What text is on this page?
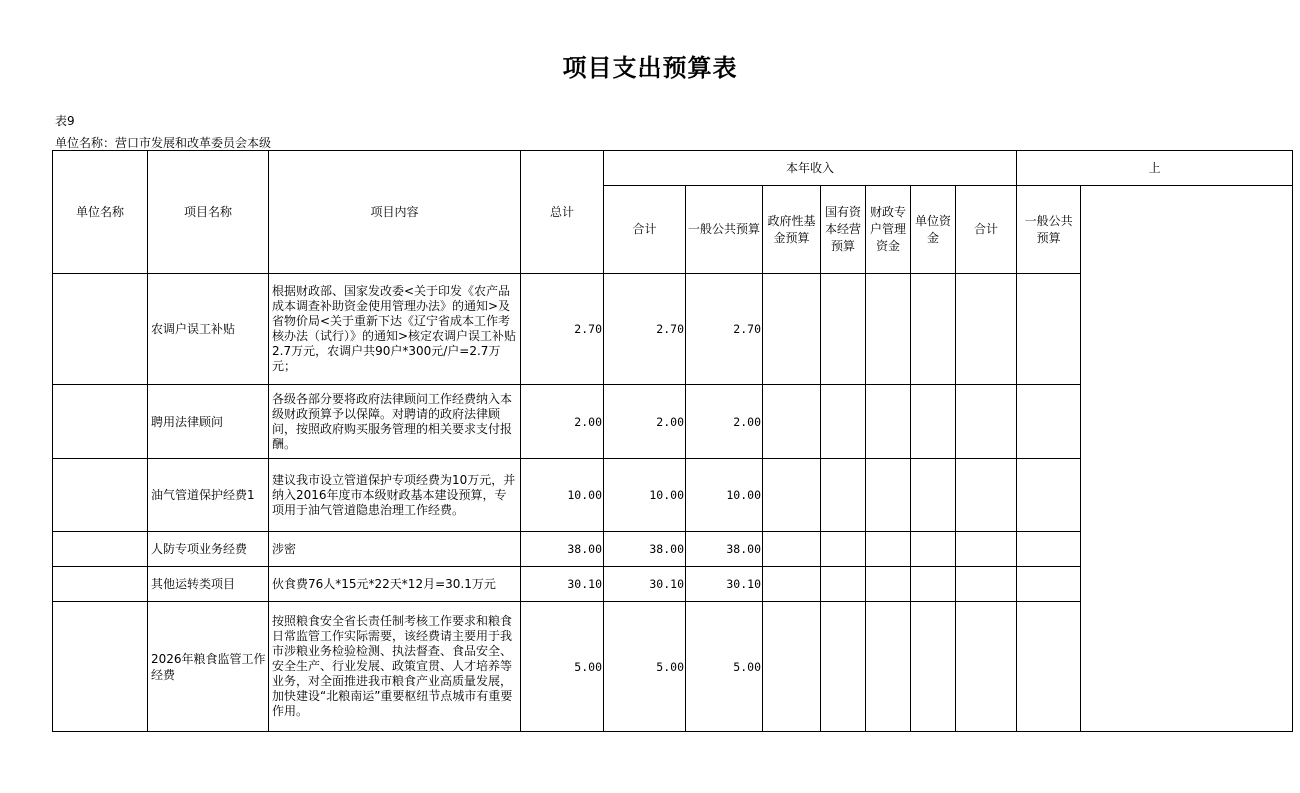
项目支出预算表
表9
单位名称：营口市发展和改革委员会本级
单位名称	项目名称	项目内容	总计	本年收入							上
				合计	一般公共预算	政府性基金预算	国有资本经营预算	财政专户管理资金	单位资金	合计	一般公共预算
	农调户误工补贴	根据财政部、国家发改委<关于印发《农产品成本调查补助资金使用管理办法》的通知>及省物价局<关于重新下达《辽宁省成本工作考核办法（试行）》的通知>核定农调户误工补贴2.7万元，农调户共90户*300元/户=2.7万元；	2.70	2.70	2.70						
	聘用法律顾问	各级各部分要将政府法律顾问工作经费纳入本级财政预算予以保障。对聘请的政府法律顾问，按照政府购买服务管理的相关要求支付报酬。	2.00	2.00	2.00						
	油气管道保护经费1	建议我市设立管道保护专项经费为10万元，并纳入2016年度市本级财政基本建设预算，专项用于油气管道隐患治理工作经费。	10.00	10.00	10.00						
	人防专项业务经费	涉密	38.00	38.00	38.00						
	其他运转类项目	伙食费76人*15元*22天*12月=30.1万元	30.10	30.10	30.10						
	2026年粮食监管工作经费	按照粮食安全省长责任制考核工作要求和粮食日常监管工作实际需要，该经费请主要用于我市涉粮业务检验检测、执法督查、食品安全、安全生产、行业发展、政策宣贯、人才培养等业务，对全面推进我市粮食产业高质量发展，加快建设“北粮南运”重要枢纽节点城市有重要作用。	5.00	5.00	5.00						
